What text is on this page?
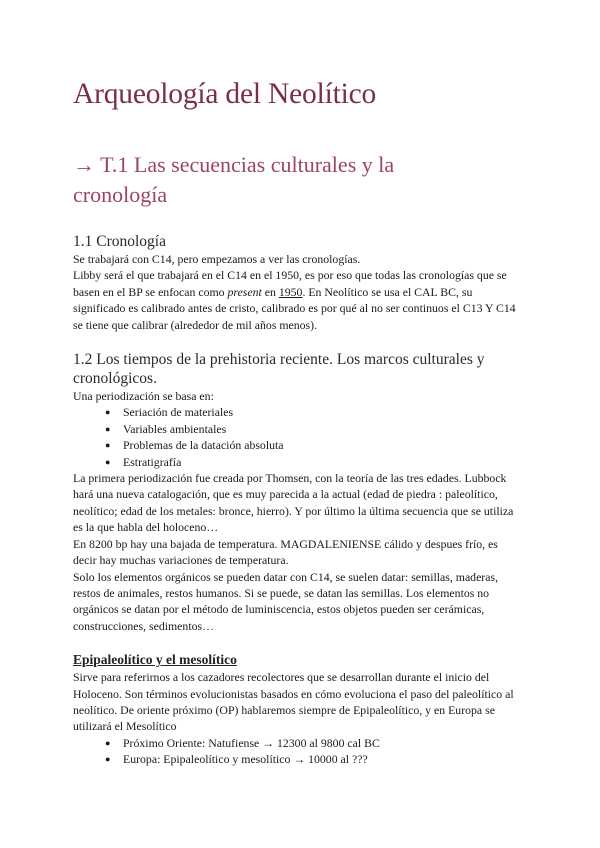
Arqueología del Neolítico
→ T.1 Las secuencias culturales y la
cronología
1.1 Cronología

Se trabajará con C14, pero empezamos a ver las cronologías.

Libby será el que trabajará en el C14 en el 1950, es por eso que todas las cronologías que se

basen en el BP se enfocan como present en 1950. En Neolítico se usa el CAL BC, su

significado es calibrado antes de cristo, calibrado es por qué al no ser continuos el C13 Y C14

se tiene que calibrar (alrededor de mil años menos).

1.2 Los tiempos de la prehistoria reciente. Los marcos culturales y
cronológicos.

Una periodización se basa en:

● Seriación de materiales
● Variables ambientales
● Problemas de la datación absoluta
● Estratigrafía

La primera periodización fue creada por Thomsen, con la teoría de las tres edades. Lubbock

hará una nueva catalogación, que es muy parecida a la actual (edad de piedra : paleolítico,

neolítico; edad de los metales: bronce, hierro). Y por último la última secuencia que se utiliza

es la que habla del holoceno…

En 8200 bp hay una bajada de temperatura. MAGDALENIENSE cálido y despues frío, es

decir hay muchas variaciones de temperatura.

Solo los elementos orgánicos se pueden datar con C14, se suelen datar: semillas, maderas,

restos de animales, restos humanos. Si se puede, se datan las semillas. Los elementos no

orgánicos se datan por el método de luminiscencia, estos objetos pueden ser cerámicas,

construcciones, sedimentos…

Epipaleolítico y el mesolítico

Sirve para referirnos a los cazadores recolectores que se desarrollan durante el inicio del

Holoceno. Son términos evolucionistas basados en cómo evoluciona el paso del paleolítico al

neolítico. De oriente próximo (OP) hablaremos siempre de Epipaleolítico, y en Europa se

utilizará el Mesolítico

● Próximo Oriente: Natufiense → 12300 al 9800 cal BC
● Europa: Epipaleolítico y mesolítico → 10000 al ???
